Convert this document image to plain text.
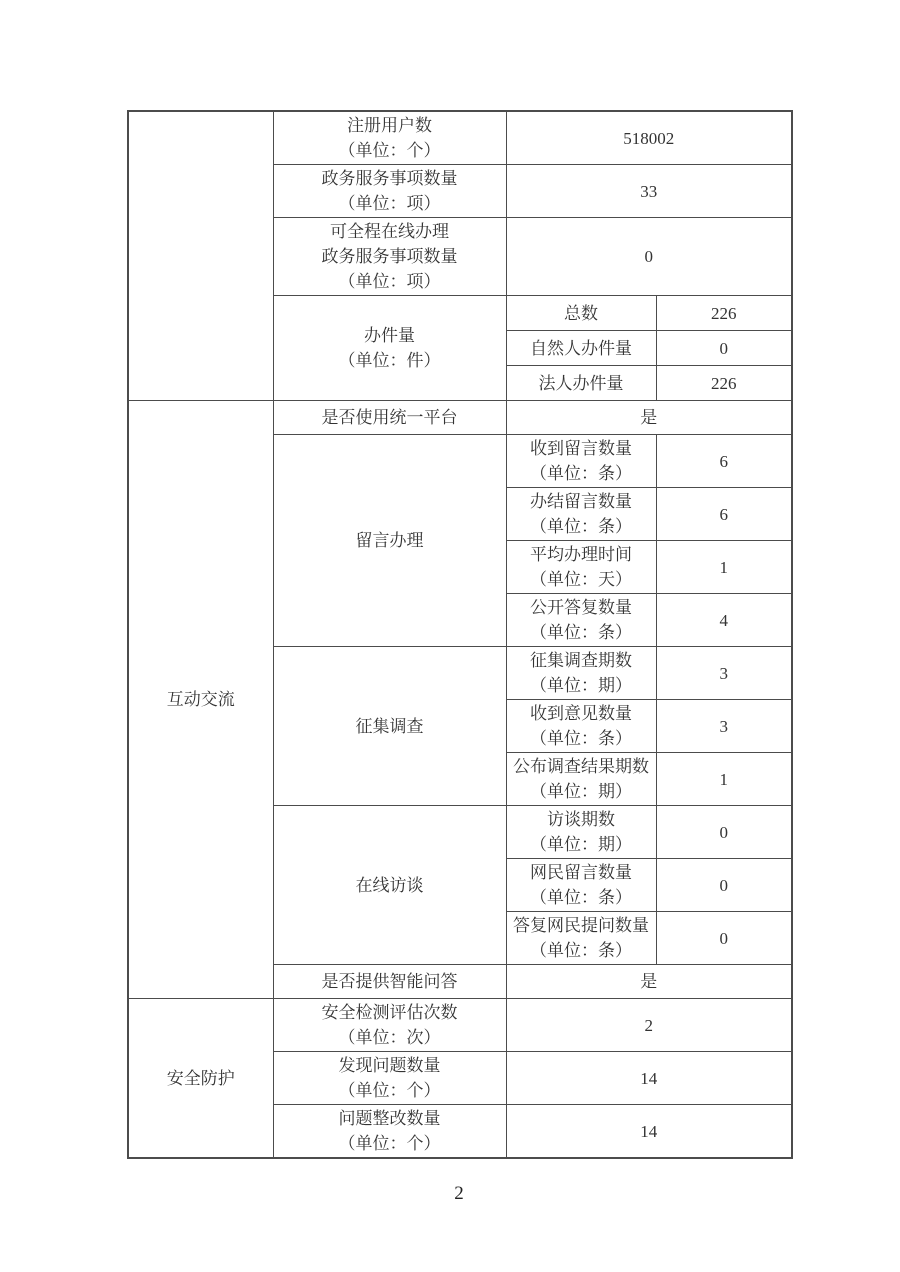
	注册用户数
（单位：个）	518002	

	政务服务事项数量
（单位：项）	33	

	可全程在线办理
政务服务事项数量
（单位：项）	0	

	办件量
（单位：件）	总数	226
		自然人办件量	0
		法人办件量	226
互动交流	是否使用统一平台	是	
	留言办理	收到留言数量
（单位：条）	6

		办结留言数量
（单位：条）	6

		平均办理时间
（单位：天）	1

		公开答复数量
（单位：条）	4
	征集调查	征集调查期数
（单位：期）	3

		收到意见数量
（单位：条）	3

		公布调查结果期数
（单位：期）	1
	在线访谈	访谈期数
（单位：期）	0

		网民留言数量
（单位：条）	0

		答复网民提问数量
（单位：条）	0
	是否提供智能问答	是	
安全防护	安全检测评估次数
（单位：次）	2	

	发现问题数量
（单位：个）	14	

	问题整改数量
（单位：个）	14	
2
